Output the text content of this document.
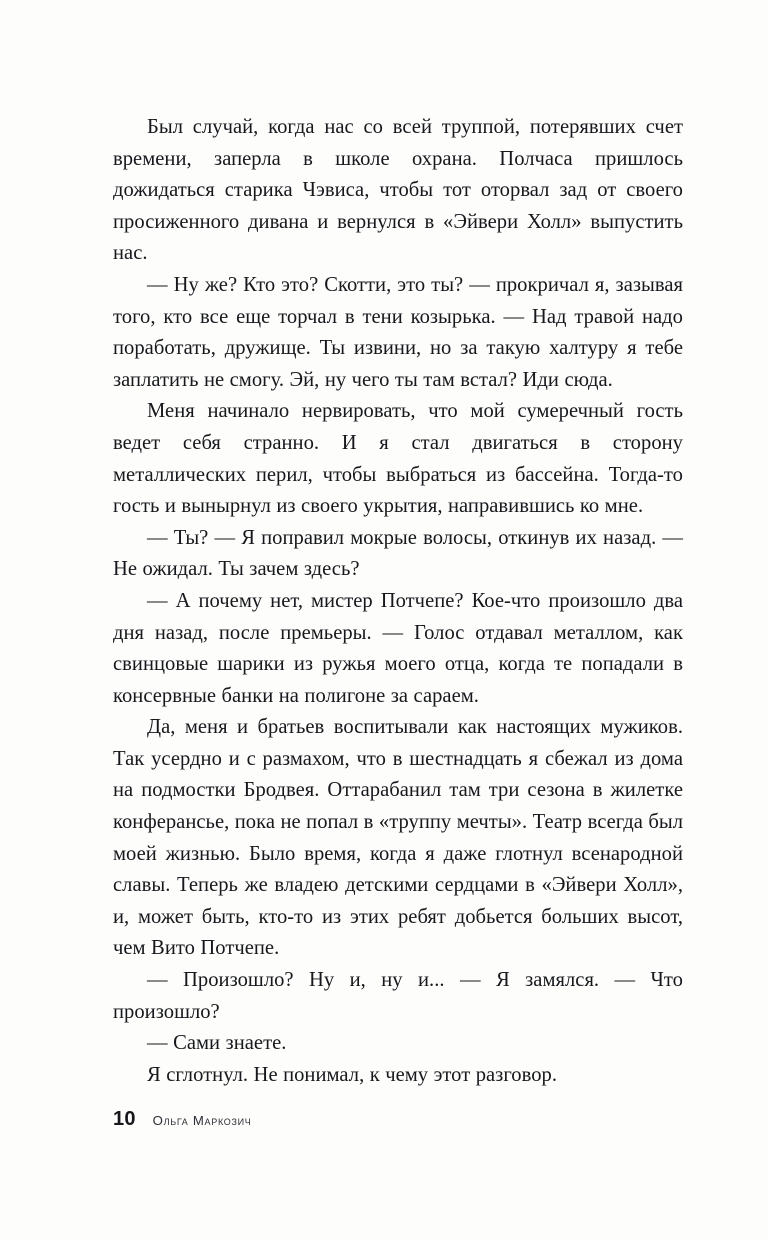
Был случай, когда нас со всей труппой, потерявших счет времени, заперла в школе охрана. Полчаса пришлось дожидаться старика Чэвиса, чтобы тот оторвал зад от своего просиженного дивана и вернулся в «Эйвери Холл» выпустить нас.

— Ну же? Кто это? Скотти, это ты? — прокричал я, зазывая того, кто все еще торчал в тени козырька. — Над травой надо поработать, дружище. Ты извини, но за такую халтуру я тебе заплатить не смогу. Эй, ну чего ты там встал? Иди сюда.

Меня начинало нервировать, что мой сумеречный гость ведет себя странно. И я стал двигаться в сторону металлических перил, чтобы выбраться из бассейна. Тогда-то гость и вынырнул из своего укрытия, направившись ко мне.

— Ты? — Я поправил мокрые волосы, откинув их назад. — Не ожидал. Ты зачем здесь?

— А почему нет, мистер Потчепе? Кое-что произошло два дня назад, после премьеры. — Голос отдавал металлом, как свинцовые шарики из ружья моего отца, когда те попадали в консервные банки на полигоне за сараем.

Да, меня и братьев воспитывали как настоящих мужиков. Так усердно и с размахом, что в шестнадцать я сбежал из дома на подмостки Бродвея. Оттарабанил там три сезона в жилетке конферансье, пока не попал в «труппу мечты». Театр всегда был моей жизнью. Было время, когда я даже глотнул всенародной славы. Теперь же владею детскими сердцами в «Эйвери Холл», и, может быть, кто-то из этих ребят добьется больших высот, чем Вито Потчепе.

— Произошло? Ну и, ну и... — Я замялся. — Что произошло?

— Сами знаете.

Я сглотнул. Не понимал, к чему этот разговор.

10 Ольга Маркозич
